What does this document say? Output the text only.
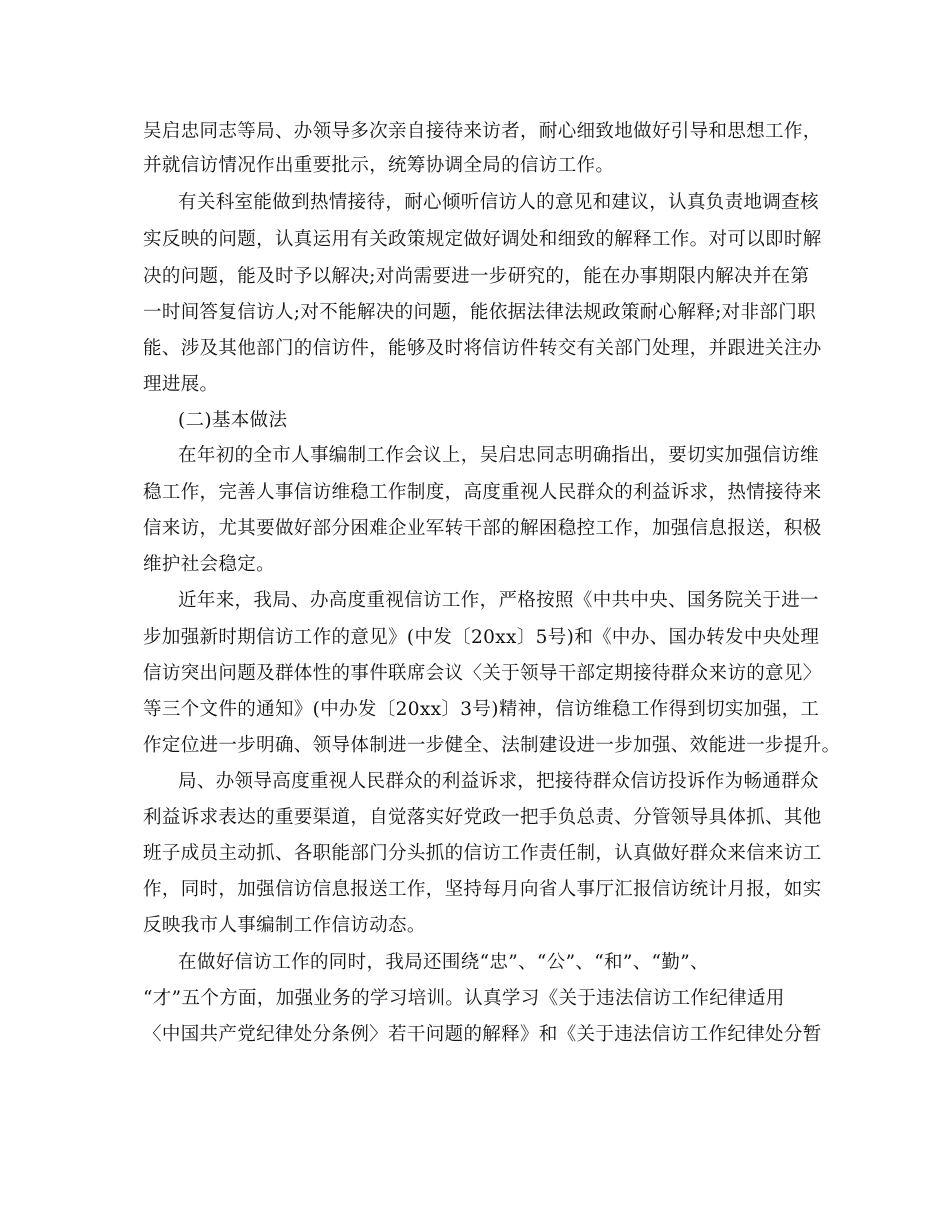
吴启忠同志等局、办领导多次亲自接待来访者，耐心细致地做好引导和思想工作，
并就信访情况作出重要批示，统筹协调全局的信访工作。
有关科室能做到热情接待，耐心倾听信访人的意见和建议，认真负责地调查核
实反映的问题，认真运用有关政策规定做好调处和细致的解释工作。对可以即时解
决的问题，能及时予以解决;对尚需要进一步研究的，能在办事期限内解决并在第
一时间答复信访人;对不能解决的问题，能依据法律法规政策耐心解释;对非部门职
能、涉及其他部门的信访件，能够及时将信访件转交有关部门处理，并跟进关注办
理进展。
(二)基本做法
在年初的全市人事编制工作会议上，吴启忠同志明确指出，要切实加强信访维
稳工作，完善人事信访维稳工作制度，高度重视人民群众的利益诉求，热情接待来
信来访，尤其要做好部分困难企业军转干部的解困稳控工作，加强信息报送，积极
维护社会稳定。
近年来，我局、办高度重视信访工作，严格按照《中共中央、国务院关于进一
步加强新时期信访工作的意见》(中发〔20xx〕5号)和《中办、国办转发中央处理
信访突出问题及群体性的事件联席会议〈关于领导干部定期接待群众来访的意见〉
等三个文件的通知》(中办发〔20xx〕3号)精神，信访维稳工作得到切实加强，工
作定位进一步明确、领导体制进一步健全、法制建设进一步加强、效能进一步提升。
局、办领导高度重视人民群众的利益诉求，把接待群众信访投诉作为畅通群众
利益诉求表达的重要渠道，自觉落实好党政一把手负总责、分管领导具体抓、其他
班子成员主动抓、各职能部门分头抓的信访工作责任制，认真做好群众来信来访工
作，同时，加强信访信息报送工作，坚持每月向省人事厅汇报信访统计月报，如实
反映我市人事编制工作信访动态。
在做好信访工作的同时，我局还围绕“忠”、“公”、“和”、“勤”、
“才”五个方面，加强业务的学习培训。认真学习《关于违法信访工作纪律适用
〈中国共产党纪律处分条例〉若干问题的解释》和《关于违法信访工作纪律处分暂
